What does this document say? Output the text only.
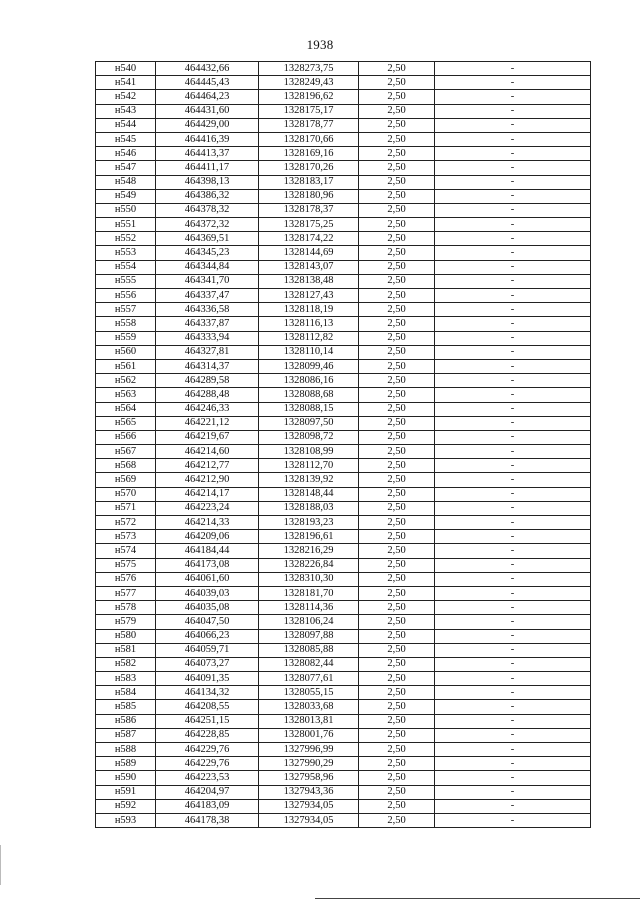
1938
н540	464432,66	1328273,75	2,50	-
н541	464445,43	1328249,43	2,50	-
н542	464464,23	1328196,62	2,50	-
н543	464431,60	1328175,17	2,50	-
н544	464429,00	1328178,77	2,50	-
н545	464416,39	1328170,66	2,50	-
н546	464413,37	1328169,16	2,50	-
н547	464411,17	1328170,26	2,50	-
н548	464398,13	1328183,17	2,50	-
н549	464386,32	1328180,96	2,50	-
н550	464378,32	1328178,37	2,50	-
н551	464372,32	1328175,25	2,50	-
н552	464369,51	1328174,22	2,50	-
н553	464345,23	1328144,69	2,50	-
н554	464344,84	1328143,07	2,50	-
н555	464341,70	1328138,48	2,50	-
н556	464337,47	1328127,43	2,50	-
н557	464336,58	1328118,19	2,50	-
н558	464337,87	1328116,13	2,50	-
н559	464333,94	1328112,82	2,50	-
н560	464327,81	1328110,14	2,50	-
н561	464314,37	1328099,46	2,50	-
н562	464289,58	1328086,16	2,50	-
н563	464288,48	1328088,68	2,50	-
н564	464246,33	1328088,15	2,50	-
н565	464221,12	1328097,50	2,50	-
н566	464219,67	1328098,72	2,50	-
н567	464214,60	1328108,99	2,50	-
н568	464212,77	1328112,70	2,50	-
н569	464212,90	1328139,92	2,50	-
н570	464214,17	1328148,44	2,50	-
н571	464223,24	1328188,03	2,50	-
н572	464214,33	1328193,23	2,50	-
н573	464209,06	1328196,61	2,50	-
н574	464184,44	1328216,29	2,50	-
н575	464173,08	1328226,84	2,50	-
н576	464061,60	1328310,30	2,50	-
н577	464039,03	1328181,70	2,50	-
н578	464035,08	1328114,36	2,50	-
н579	464047,50	1328106,24	2,50	-
н580	464066,23	1328097,88	2,50	-
н581	464059,71	1328085,88	2,50	-
н582	464073,27	1328082,44	2,50	-
н583	464091,35	1328077,61	2,50	-
н584	464134,32	1328055,15	2,50	-
н585	464208,55	1328033,68	2,50	-
н586	464251,15	1328013,81	2,50	-
н587	464228,85	1328001,76	2,50	-
н588	464229,76	1327996,99	2,50	-
н589	464229,76	1327990,29	2,50	-
н590	464223,53	1327958,96	2,50	-
н591	464204,97	1327943,36	2,50	-
н592	464183,09	1327934,05	2,50	-
н593	464178,38	1327934,05	2,50	-
